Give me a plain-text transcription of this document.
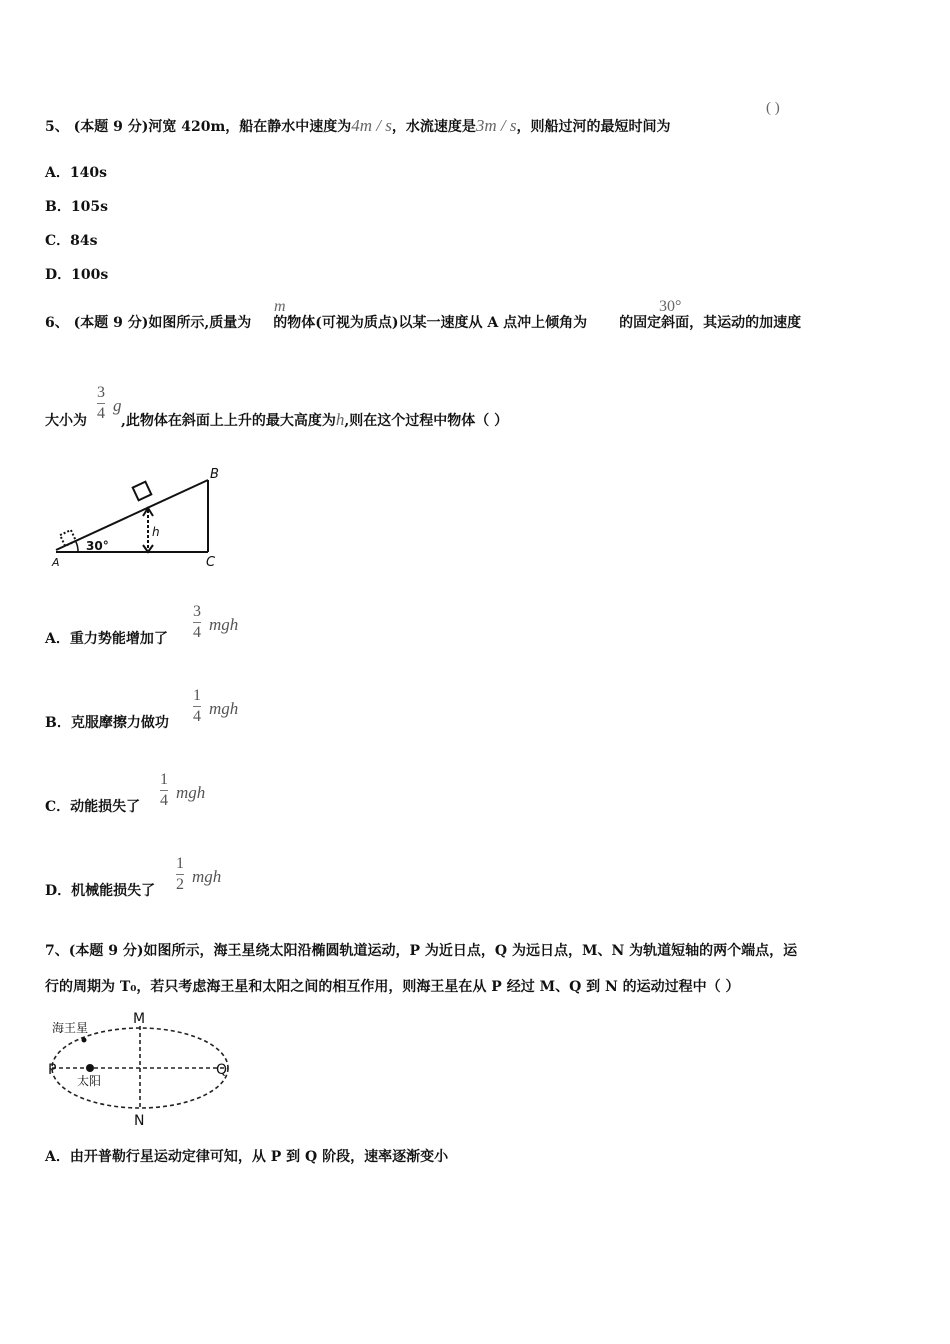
5、 (本题 9 分)河宽 420m，船在静水中速度为4m / s，水流速度是3m / s，则船过河的最短时间为
( )
A．140s
B．105s
C．84s
D．100s
6、 (本题 9 分)如图所示,质量为 的物体(可视为质点)以某一速度从 A 点冲上倾角为 的固定斜面，其运动的加速度
m	30°
大小为 ,此物体在斜面上上升的最大高度为h,则在这个过程中物体（ ）
3
4 g
B
C
A
h
30°
A．重力势能增加了
3
4 mgh
B．克服摩擦力做功
1
4 mgh
C．动能损失了
1
4 mgh
D．机械能损失了
1
2 mgh
7、(本题 9 分)如图所示，海王星绕太阳沿椭圆轨道运动，P 为近日点，Q 为远日点，M、N 为轨道短轴的两个端点，运
行的周期为 T₀，若只考虑海王星和太阳之间的相互作用，则海王星在从 P 经过 M、Q 到 N 的运动过程中（ ）
海王星
太阳
M
N
P	Q
A．由开普勒行星运动定律可知，从 P 到 Q 阶段，速率逐渐变小
